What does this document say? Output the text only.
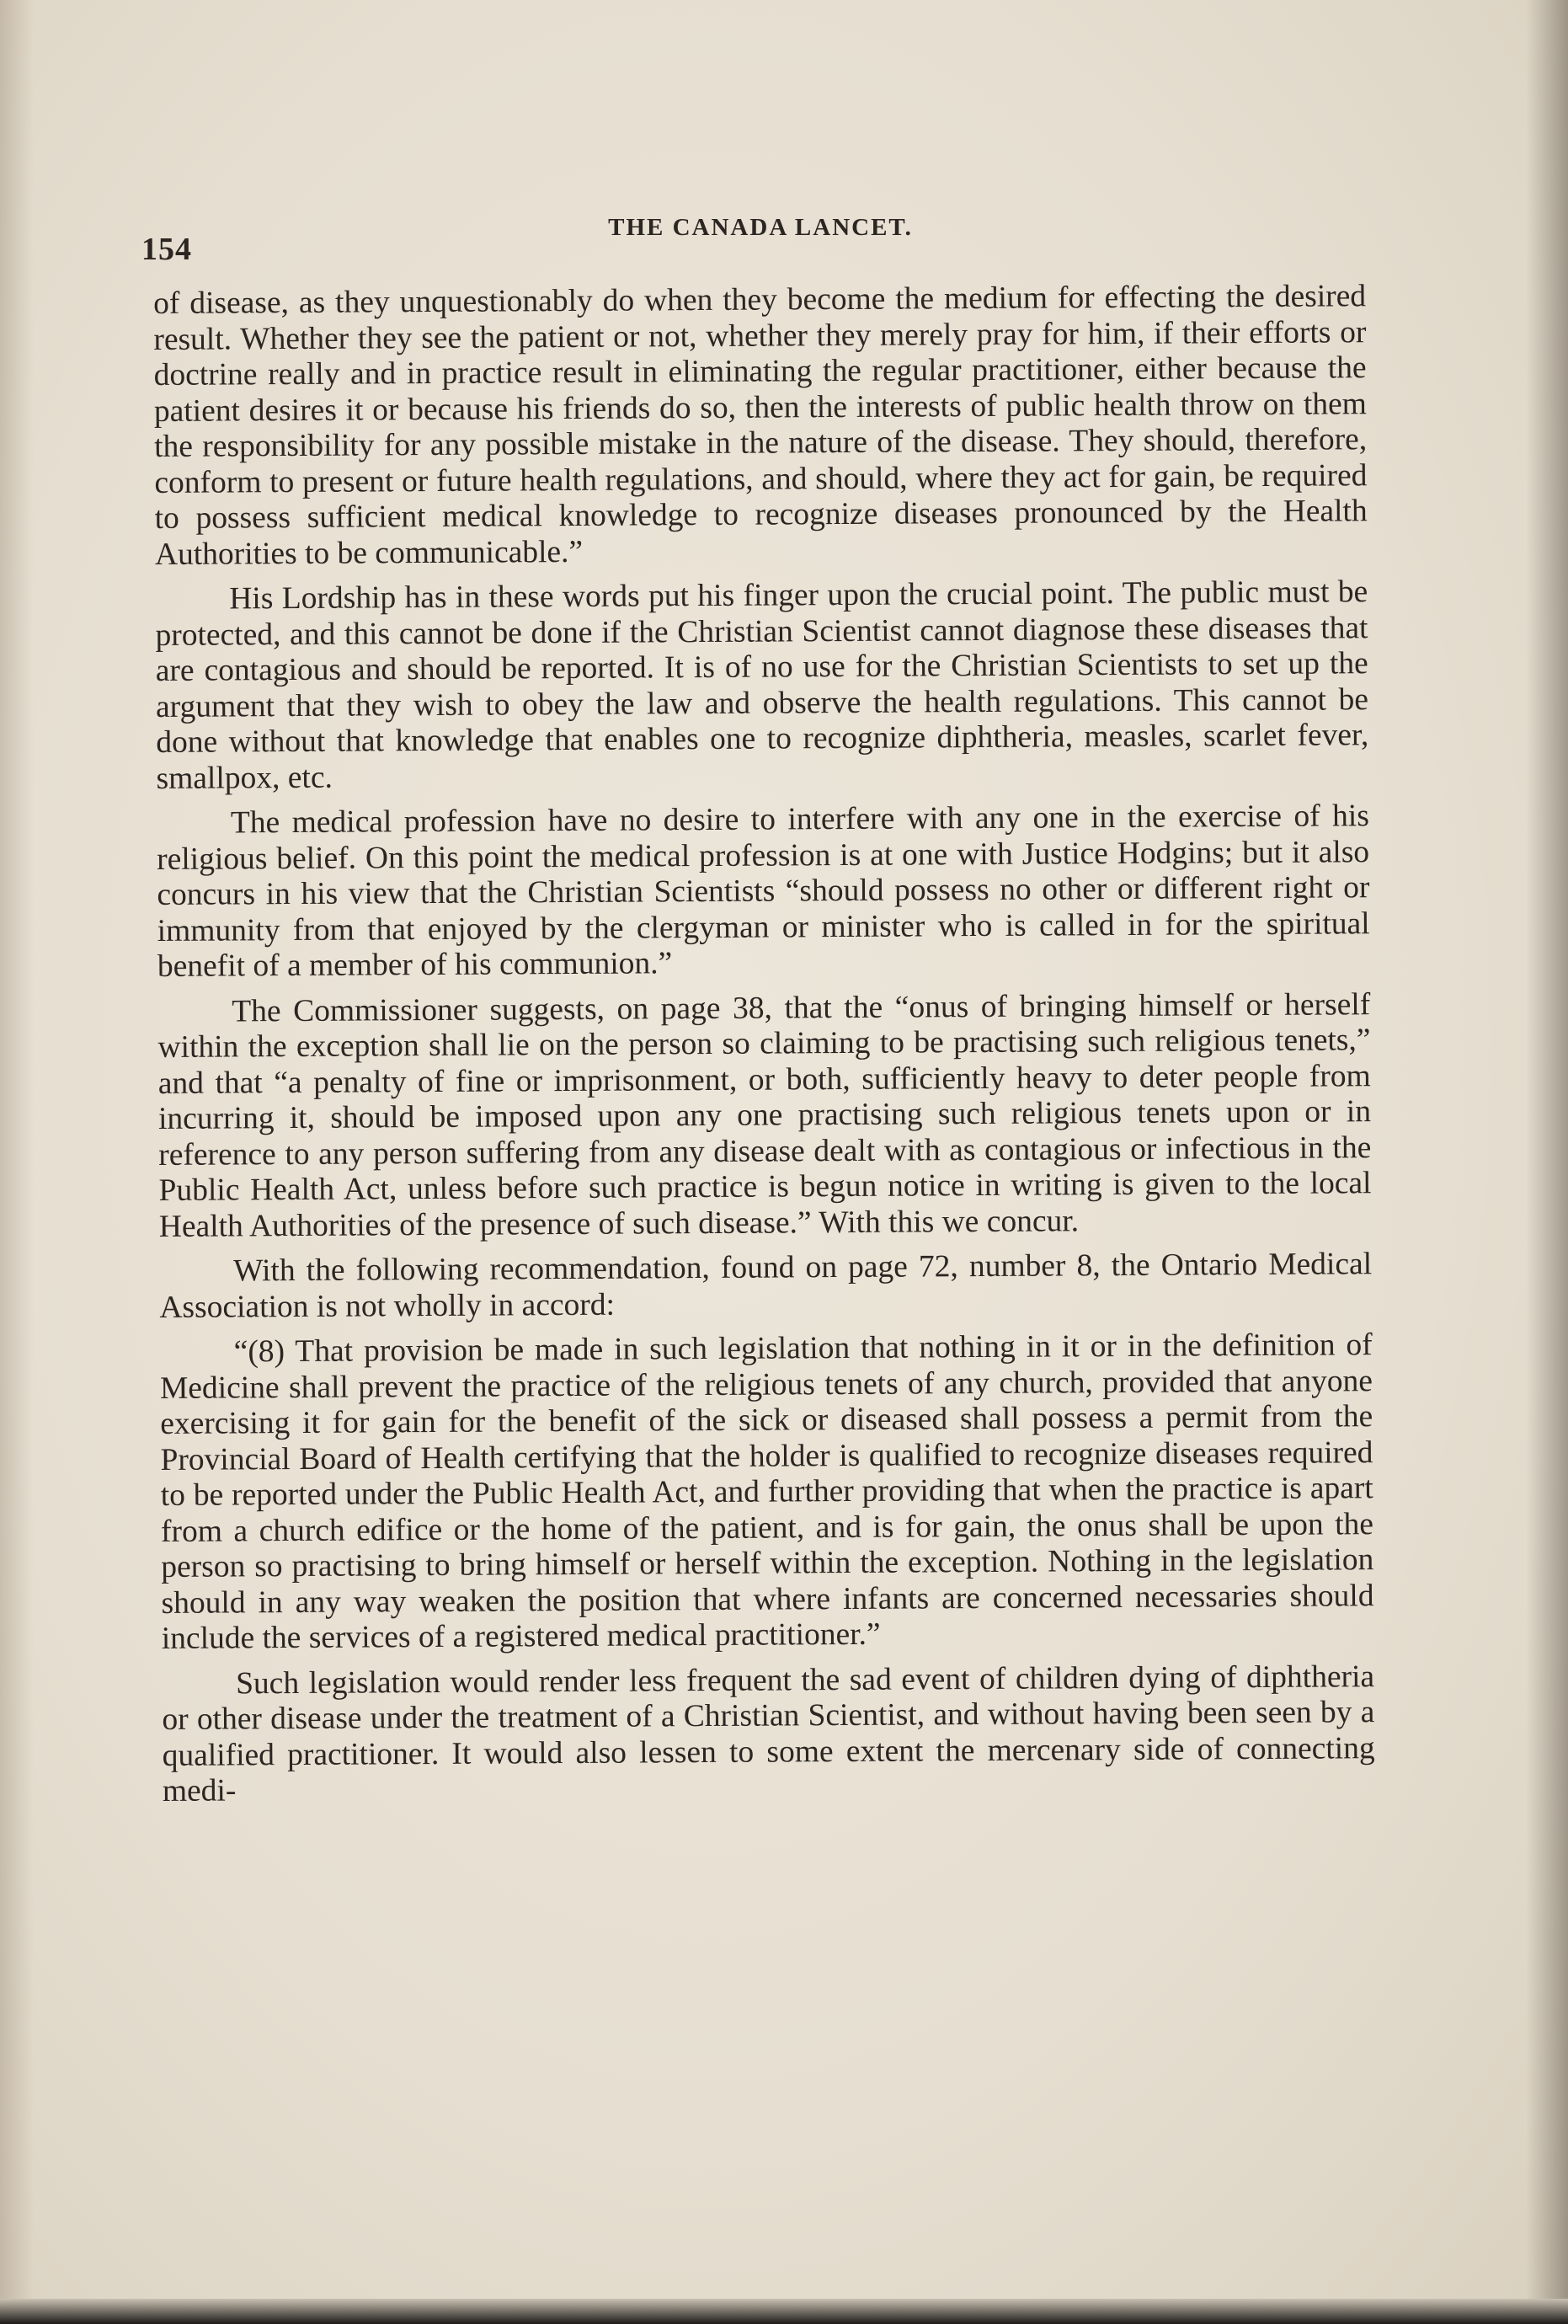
154
THE CANADA LANCET.

of disease, as they unquestionably do when they become the medium for effecting the desired result. Whether they see the patient or not, whether they merely pray for him, if their efforts or doctrine really and in practice result in eliminating the regular practitioner, either because the patient desires it or because his friends do so, then the interests of public health throw on them the responsibility for any possible mistake in the nature of the disease. They should, therefore, conform to present or future health regulations, and should, where they act for gain, be required to possess sufficient medical knowledge to recognize diseases pronounced by the Health Authorities to be communicable.”

His Lordship has in these words put his finger upon the crucial point. The public must be protected, and this cannot be done if the Christian Scientist cannot diagnose these diseases that are contagious and should be reported. It is of no use for the Christian Scientists to set up the argument that they wish to obey the law and observe the health regulations. This cannot be done without that knowledge that enables one to recognize diphtheria, measles, scarlet fever, smallpox, etc.

The medical profession have no desire to interfere with any one in the exercise of his religious belief. On this point the medical profession is at one with Justice Hodgins; but it also concurs in his view that the Christian Scientists “should possess no other or different right or immunity from that enjoyed by the clergyman or minister who is called in for the spiritual benefit of a member of his communion.”

The Commissioner suggests, on page 38, that the “onus of bringing himself or herself within the exception shall lie on the person so claiming to be practising such religious tenets,” and that “a penalty of fine or imprisonment, or both, sufficiently heavy to deter people from incurring it, should be imposed upon any one practising such religious tenets upon or in reference to any person suffering from any disease dealt with as contagious or infectious in the Public Health Act, unless before such practice is begun notice in writing is given to the local Health Authorities of the presence of such disease.” With this we concur.

With the following recommendation, found on page 72, number 8, the Ontario Medical Association is not wholly in accord:

“(8) That provision be made in such legislation that nothing in it or in the definition of Medicine shall prevent the practice of the religious tenets of any church, provided that anyone exercising it for gain for the benefit of the sick or diseased shall possess a permit from the Provincial Board of Health certifying that the holder is qualified to recognize diseases required to be reported under the Public Health Act, and further providing that when the practice is apart from a church edifice or the home of the patient, and is for gain, the onus shall be upon the person so practising to bring himself or herself within the exception. Nothing in the legislation should in any way weaken the position that where infants are concerned necessaries should include the services of a registered medical practitioner.”

Such legislation would render less frequent the sad event of children dying of diphtheria or other disease under the treatment of a Christian Scientist, and without having been seen by a qualified practitioner. It would also lessen to some extent the mercenary side of connecting medi-
